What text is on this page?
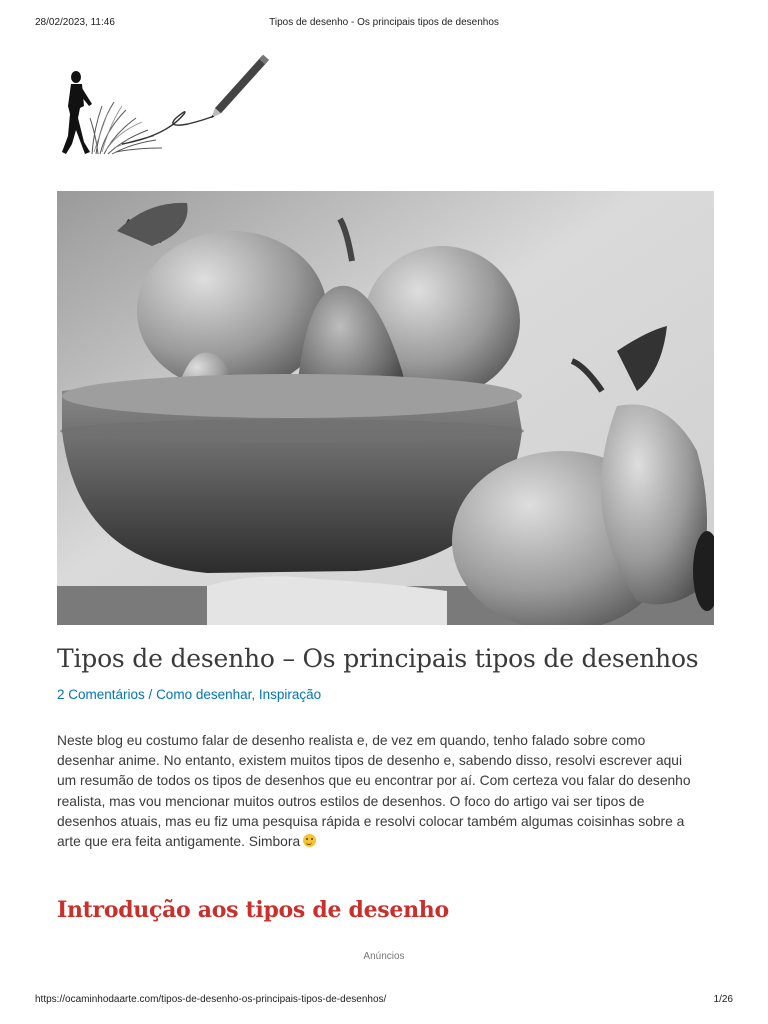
28/02/2023, 11:46	Tipos de desenho - Os principais tipos de desenhos
Tipos de desenho – Os principais tipos de desenhos
2 Comentários / Como desenhar, Inspiração

Neste blog eu costumo falar de desenho realista e, de vez em quando, tenho falado sobre como desenhar anime. No entanto, existem muitos tipos de desenho e, sabendo disso, resolvi escrever aqui um resumão de todos os tipos de desenhos que eu encontrar por aí. Com certeza vou falar do desenho realista, mas vou mencionar muitos outros estilos de desenhos. O foco do artigo vai ser tipos de desenhos atuais, mas eu fiz uma pesquisa rápida e resolvi colocar também algumas coisinhas sobre a arte que era feita antigamente. Simbora

Introdução aos tipos de desenho
Anúncios
https://ocaminhodaarte.com/tipos-de-desenho-os-principais-tipos-de-desenhos/	1/26
